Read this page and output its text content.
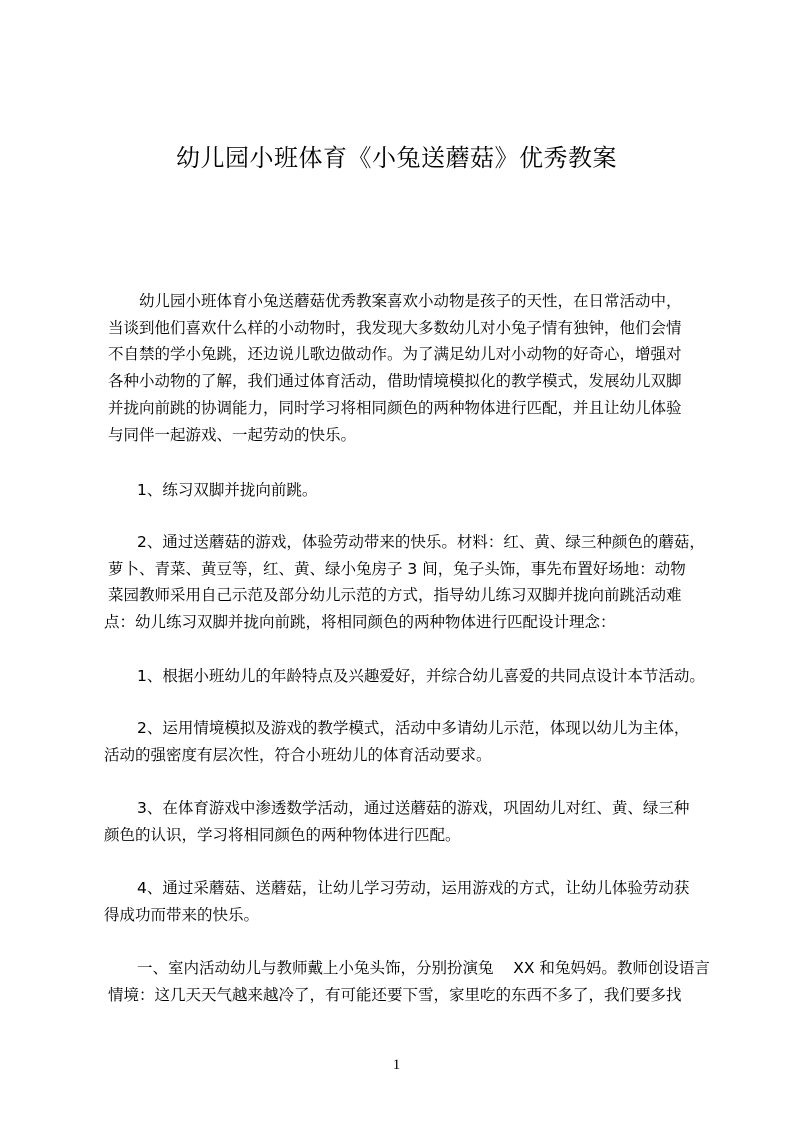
幼儿园小班体育《小兔送蘑菇》优秀教案
幼儿园小班体育小兔送蘑菇优秀教案喜欢小动物是孩子的天性，在日常活动中，
当谈到他们喜欢什么样的小动物时，我发现大多数幼儿对小兔子情有独钟，他们会情
不自禁的学小兔跳，还边说儿歌边做动作。为了满足幼儿对小动物的好奇心，增强对
各种小动物的了解，我们通过体育活动，借助情境模拟化的教学模式，发展幼儿双脚
并拢向前跳的协调能力，同时学习将相同颜色的两种物体进行匹配，并且让幼儿体验
与同伴一起游戏、一起劳动的快乐。
1、练习双脚并拢向前跳。
2、通过送蘑菇的游戏，体验劳动带来的快乐。材料：红、黄、绿三种颜色的蘑菇，
萝卜、青菜、黄豆等，红、黄、绿小兔房子 3 间，兔子头饰，事先布置好场地：动物
菜园教师采用自己示范及部分幼儿示范的方式，指导幼儿练习双脚并拢向前跳活动难
点：幼儿练习双脚并拢向前跳，将相同颜色的两种物体进行匹配设计理念：
1、根据小班幼儿的年龄特点及兴趣爱好，并综合幼儿喜爱的共同点设计本节活动。
2、运用情境模拟及游戏的教学模式，活动中多请幼儿示范，体现以幼儿为主体，
活动的强密度有层次性，符合小班幼儿的体育活动要求。
3、在体育游戏中渗透数学活动，通过送蘑菇的游戏，巩固幼儿对红、黄、绿三种
颜色的认识，学习将相同颜色的两种物体进行匹配。
4、通过采蘑菇、送蘑菇，让幼儿学习劳动，运用游戏的方式，让幼儿体验劳动获
得成功而带来的快乐。
一、室内活动幼儿与教师戴上小兔头饰，分别扮演兔    XX 和兔妈妈。教师创设语言
情境：这几天天气越来越冷了，有可能还要下雪，家里吃的东西不多了，我们要多找
1
